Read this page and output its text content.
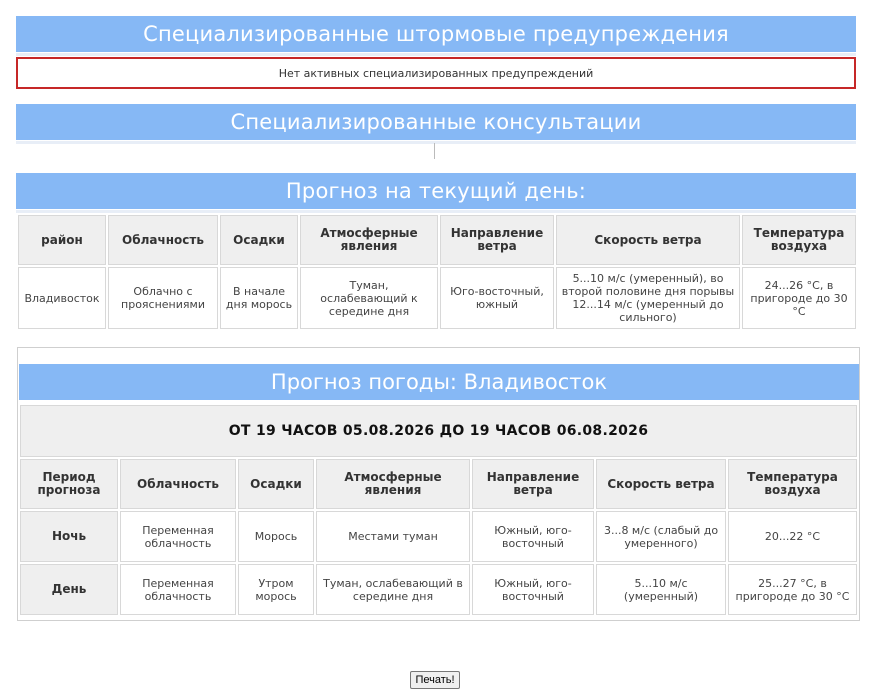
Специализированные штормовые предупреждения
Нет активных специализированных предупреждений
Специализированные консультации
Прогноз на текущий день:
район	Облачность	Осадки	Атмосферные явления	Направление ветра	Скорость ветра	Температура воздуха
Владивосток	Облачно с прояснениями	В начале дня морось	Туман, ослабевающий к середине дня	Юго-восточный, южный	5...10 м/с (умеренный), во второй половине дня порывы 12...14 м/с (умеренный до сильного)	24...26 °С, в пригороде до 30 °С
Прогноз погоды: Владивосток
ОТ 19 ЧАСОВ 05.08.2026 ДО 19 ЧАСОВ 06.08.2026						
Период прогноза	Облачность	Осадки	Атмосферные явления	Направление ветра	Скорость ветра	Температура воздуха
Ночь	Переменная облачность	Морось	Местами туман	Южный, юго-восточный	3...8 м/с (слабый до умеренного)	20...22 °С
День	Переменная облачность	Утром морось	Туман, ослабевающий в середине дня	Южный, юго-восточный	5...10 м/с (умеренный)	25...27 °С, в пригороде до 30 °С
Печать!
